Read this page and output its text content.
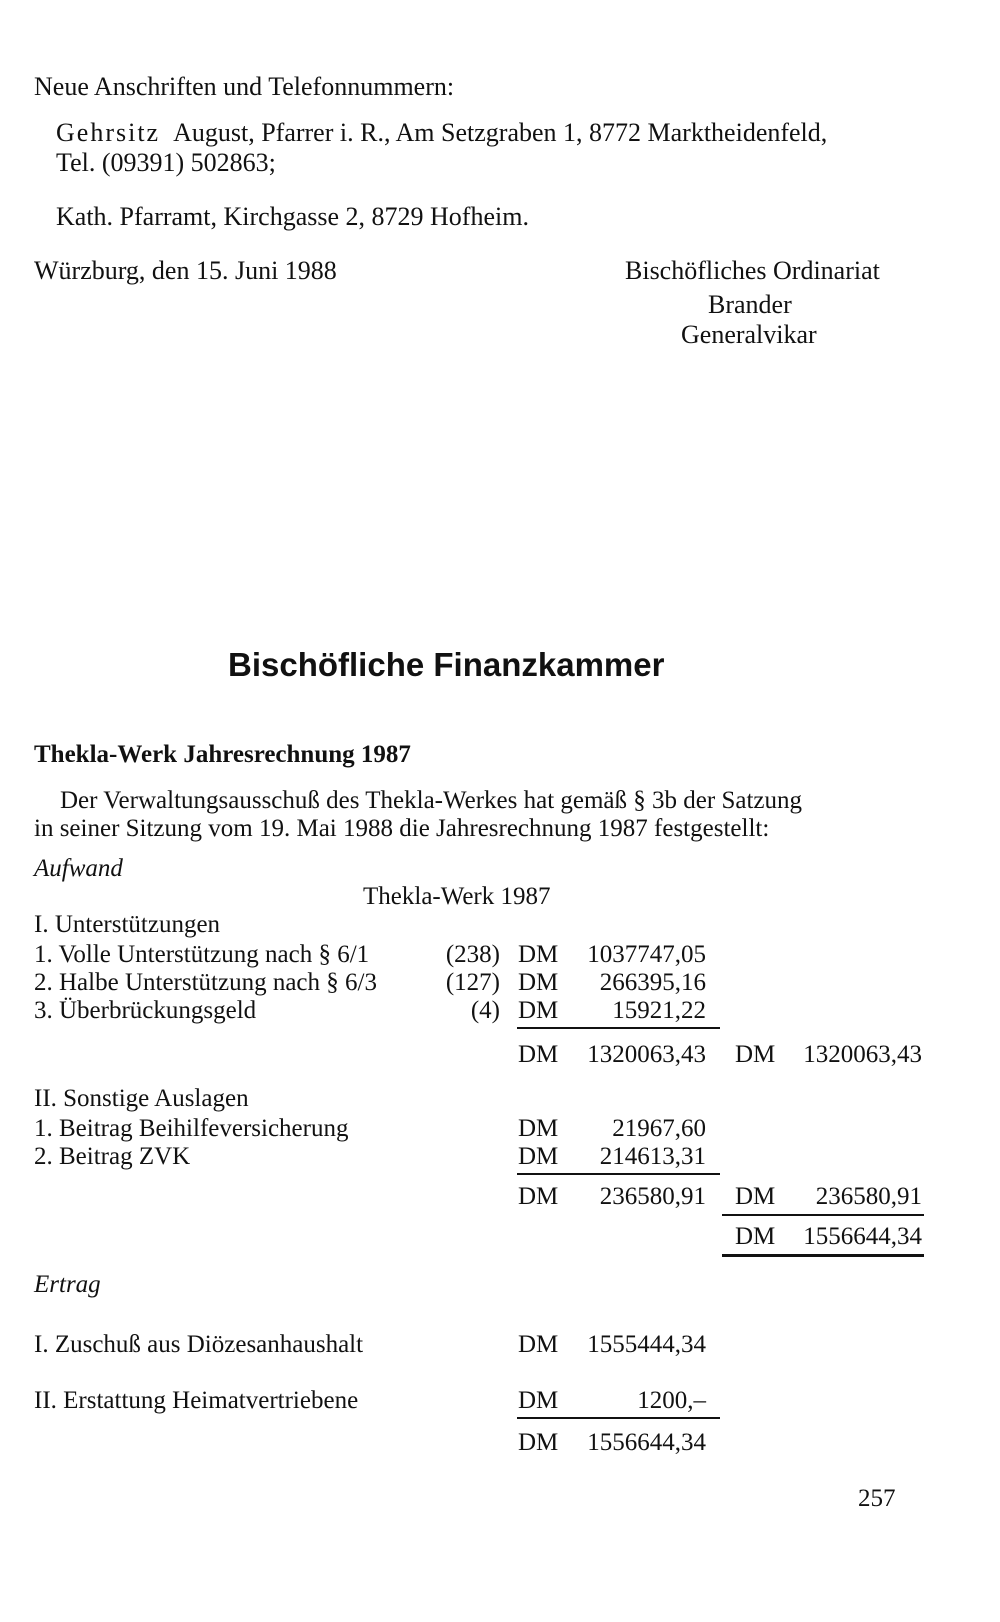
Neue Anschriften und Telefonnummern:
Gehrsitz August, Pfarrer i. R., Am Setzgraben 1, 8772 Marktheidenfeld,
Tel. (09391) 502863;
Kath. Pfarramt, Kirchgasse 2, 8729 Hofheim.
Würzburg, den 15. Juni 1988	Bischöfliches Ordinariat
Brander
Generalvikar
Bischöfliche Finanzkammer
Thekla-Werk Jahresrechnung 1987
Der Verwaltungsausschuß des Thekla-Werkes hat gemäß § 3b der Satzung
in seiner Sitzung vom 19. Mai 1988 die Jahresrechnung 1987 festgestellt:
Aufwand
Thekla-Werk 1987
I. Unterstützungen
1. Volle Unterstützung nach § 6/1	(238) DM	1037747,05
2. Halbe Unterstützung nach § 6/3	(127) DM	266395,16
3. Überbrückungsgeld	(4) DM	15921,22
DM	1320063,43 DM	1320063,43
II. Sonstige Auslagen
1. Beitrag Beihilfeversicherung	DM	21967,60
2. Beitrag ZVK	DM	214613,31
DM	236580,91 DM	236580,91
DM	1556644,34
Ertrag
I. Zuschuß aus Diözesanhaushalt	DM	1555444,34
II. Erstattung Heimatvertriebene	DM	1200,–
DM	1556644,34
257
